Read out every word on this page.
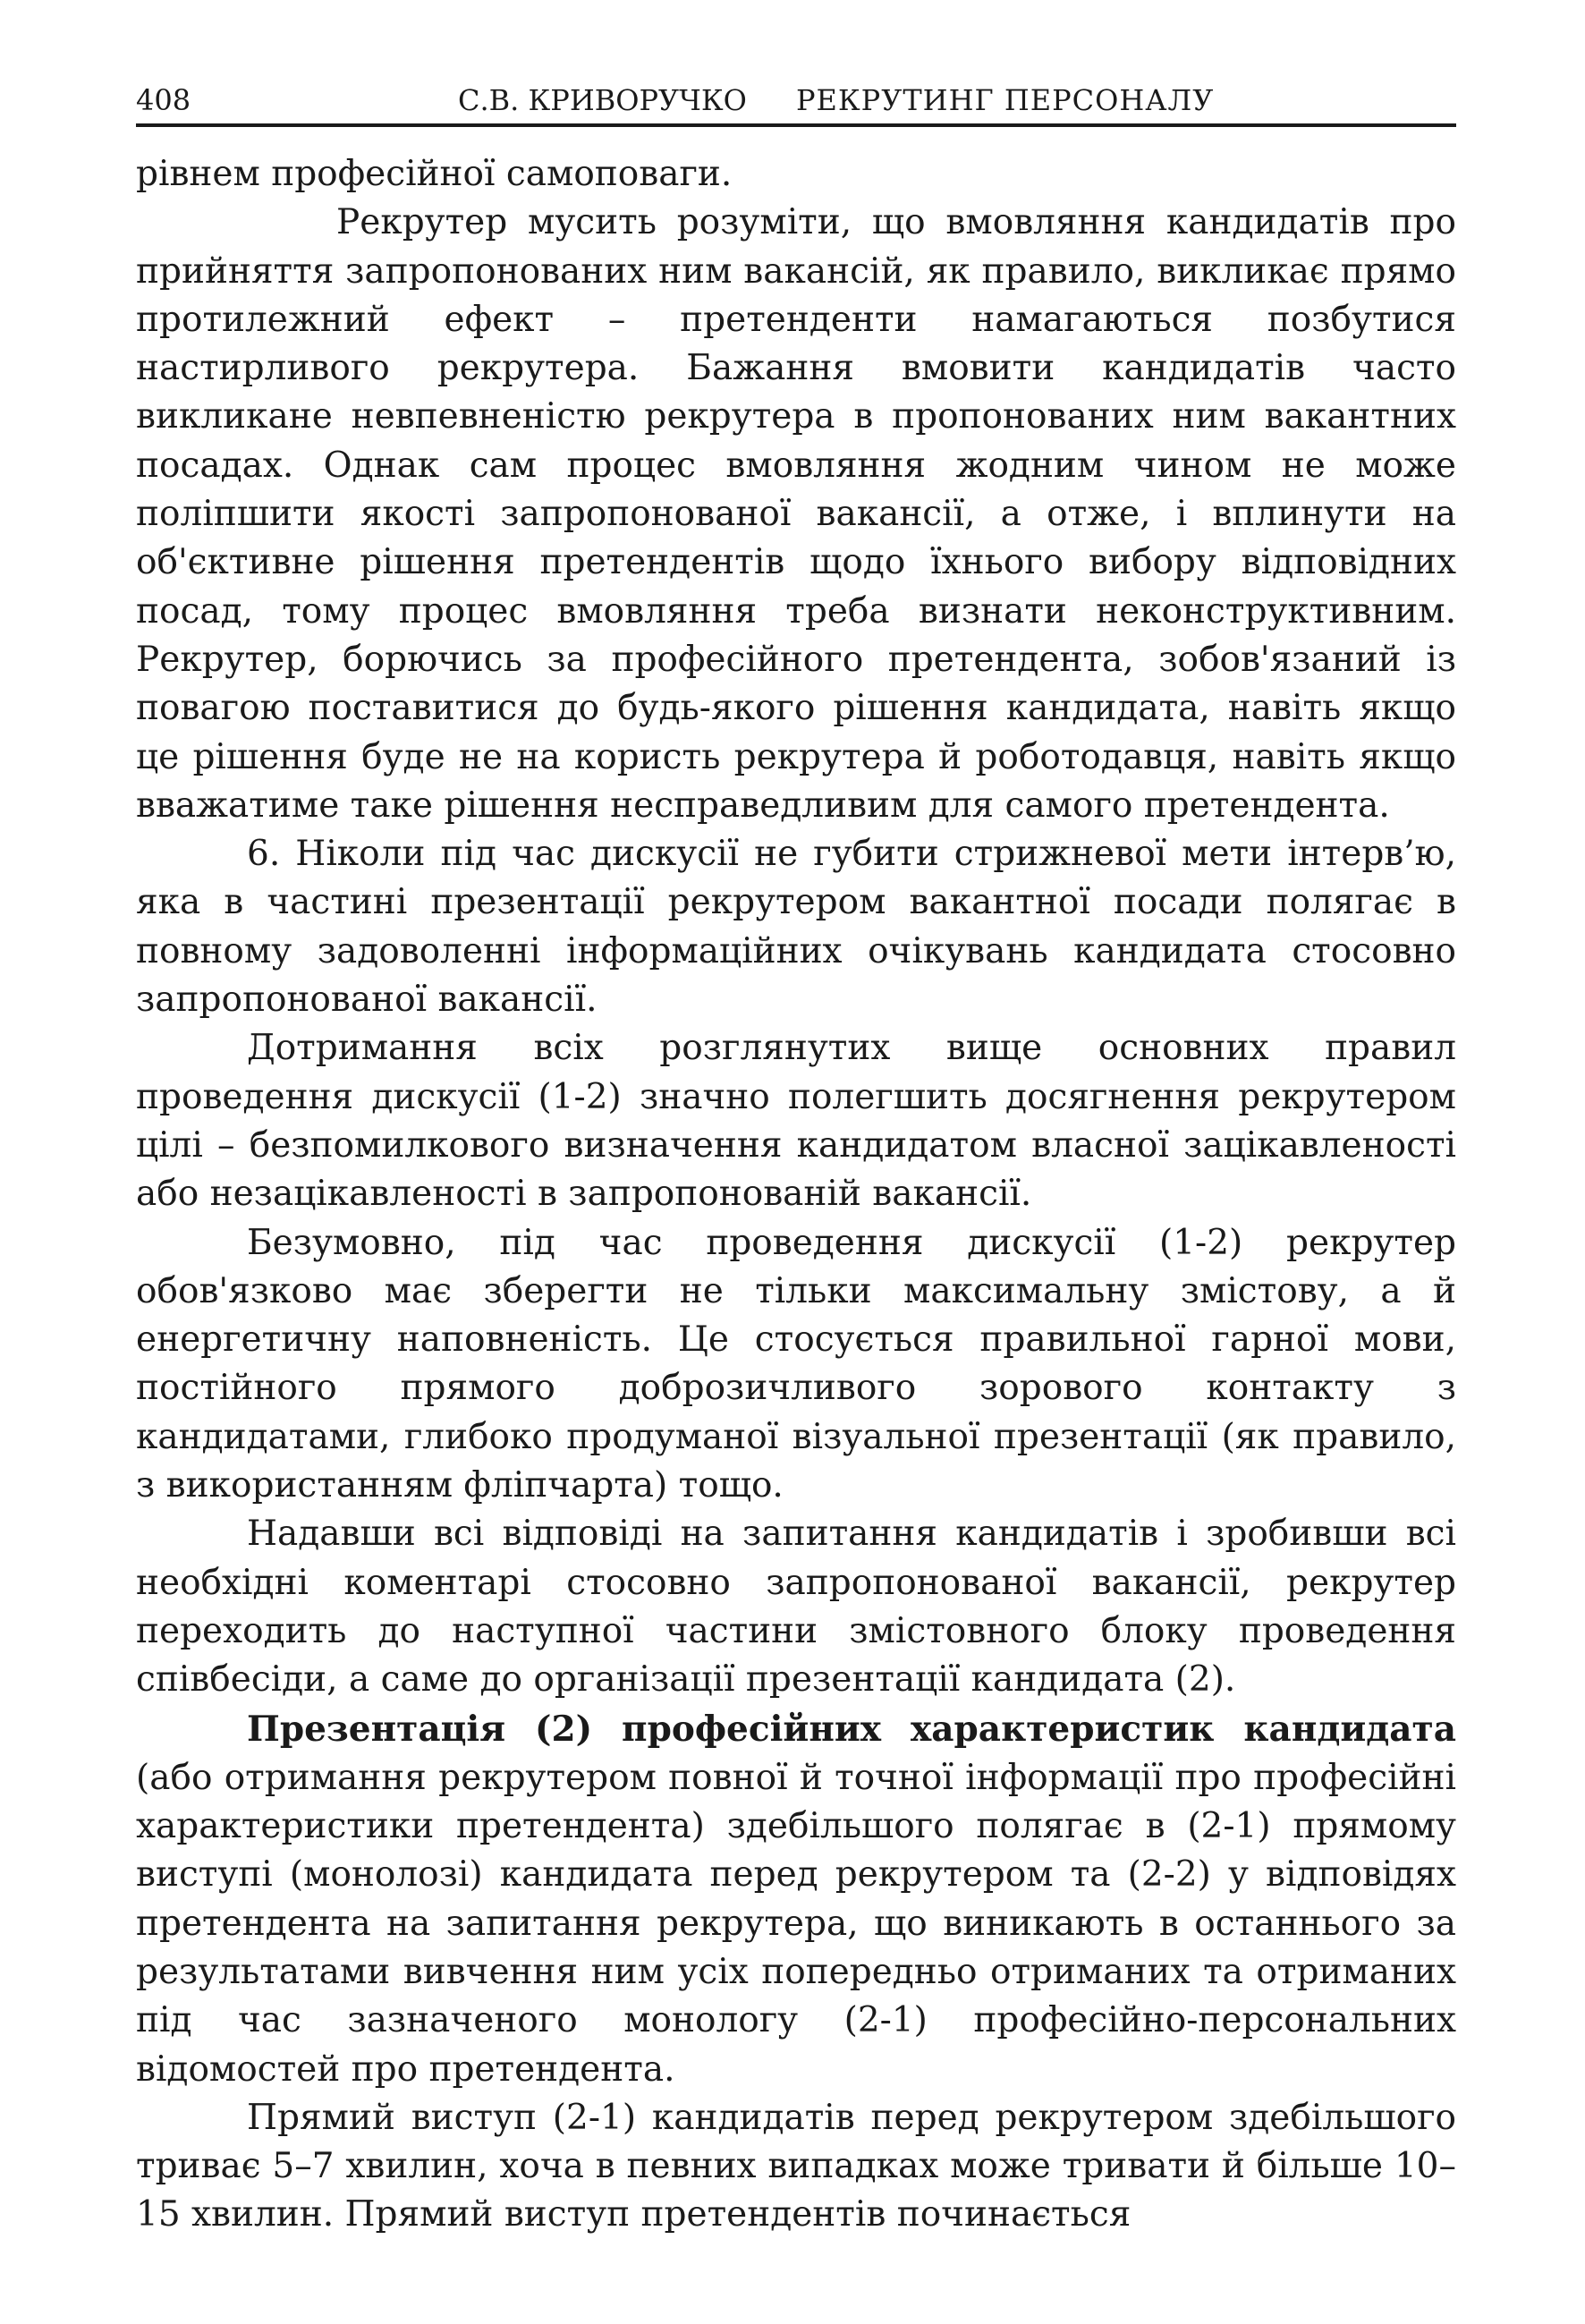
408	С.В. КРИВОРУЧКО РЕКРУТИНГ ПЕРСОНАЛУ

рівнем професійної самоповаги.

Рекрутер мусить розуміти, що вмовляння кандидатів про прийняття запропонованих ним вакансій, як правило, викликає прямо протилежний ефект – претенденти намагаються позбутися настирливого рекрутера. Бажання вмовити кандидатів часто викликане невпевненістю рекрутера в пропонованих ним вакантних посадах. Однак сам процес вмовляння жодним чином не може поліпшити якості запропонованої вакансії, а отже, і вплинути на об'єктивне рішення претендентів щодо їхнього вибору відповідних посад, тому процес вмовляння треба визнати неконструктивним. Рекрутер, борючись за професійного претендента, зобов'язаний із повагою поставитися до будь-якого рішення кандидата, навіть якщо це рішення буде не на користь рекрутера й роботодавця, навіть якщо вважатиме таке рішення несправедливим для самого претендента.

6. Ніколи під час дискусії не губити стрижневої мети інтерв’ю, яка в частині презентації рекрутером вакантної посади полягає в повному задоволенні інформаційних очікувань кандидата стосовно запропонованої вакансії.

Дотримання всіх розглянутих вище основних правил проведення дискусії (1-2) значно полегшить досягнення рекрутером цілі – безпомилкового визначення кандидатом власної зацікавленості або незацікавленості в запропонованій вакансії.

Безумовно, під час проведення дискусії (1-2) рекрутер обов'язково має зберегти не тільки максимальну змістову, а й енергетичну наповненість. Це стосується правильної гарної мови, постійного прямого доброзичливого зорового контакту з кандидатами, глибоко продуманої візуальної презентації (як правило, з використанням фліпчарта) тощо.

Надавши всі відповіді на запитання кандидатів і зробивши всі необхідні коментарі стосовно запропонованої вакансії, рекрутер переходить до наступної частини змістовного блоку проведення співбесіди, а саме до організації презентації кандидата (2).

Презентація (2) професійних характеристик кандидата (або отримання рекрутером повної й точної інформації про професійні характеристики претендента) здебільшого полягає в (2-1) прямому виступі (монолозі) кандидата перед рекрутером та (2-2) у відповідях претендента на запитання рекрутера, що виникають в останнього за результатами вивчення ним усіх попередньо отриманих та отриманих під час зазначеного монологу (2-1) професійно-персональних відомостей про претендента.

Прямий виступ (2-1) кандидатів перед рекрутером здебільшого триває 5–7 хвилин, хоча в певних випадках може тривати й більше 10–15 хвилин. Прямий виступ претендентів починається
